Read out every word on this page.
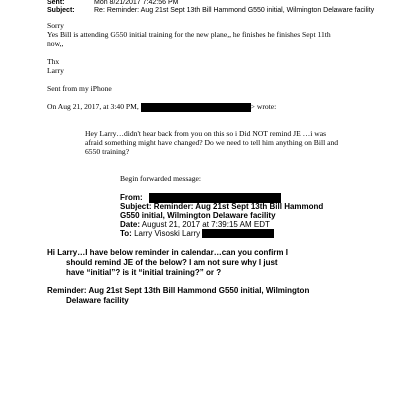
Sent:	Mon 8/21/2017 7:42:56 PM
Subject:	Re: Reminder: Aug 21st Sept 13th Bill Hammond G550 initial, Wilmington Delaware facility
Sorry
Yes Bill is attending G550 initial training for the new plane,, he finishes he finishes Sept 11th
now,,
Thx
Larry
Sent from my iPhone
On Aug 21, 2017, at 3:40 PM,	> wrote:
Hey Larry…didn't hear back from you on this so i Did NOT remind JE …i was
afraid something might have changed? Do we need to tell him anything on Bill and
6550 training?
Begin forwarded message:
From:
Subject: Reminder: Aug 21st Sept 13th Bill Hammond
G550 initial, Wilmington Delaware facility
Date: August 21, 2017 at 7:39:15 AM EDT
To: Larry Visoski Larry
Hi Larry…I have below reminder in calendar…can you confirm I
should remind JE of the below? I am not sure why I just
have “initial”? is it “initial training?” or ?
Reminder: Aug 21st Sept 13th Bill Hammond G550 initial, Wilmington
Delaware facility
